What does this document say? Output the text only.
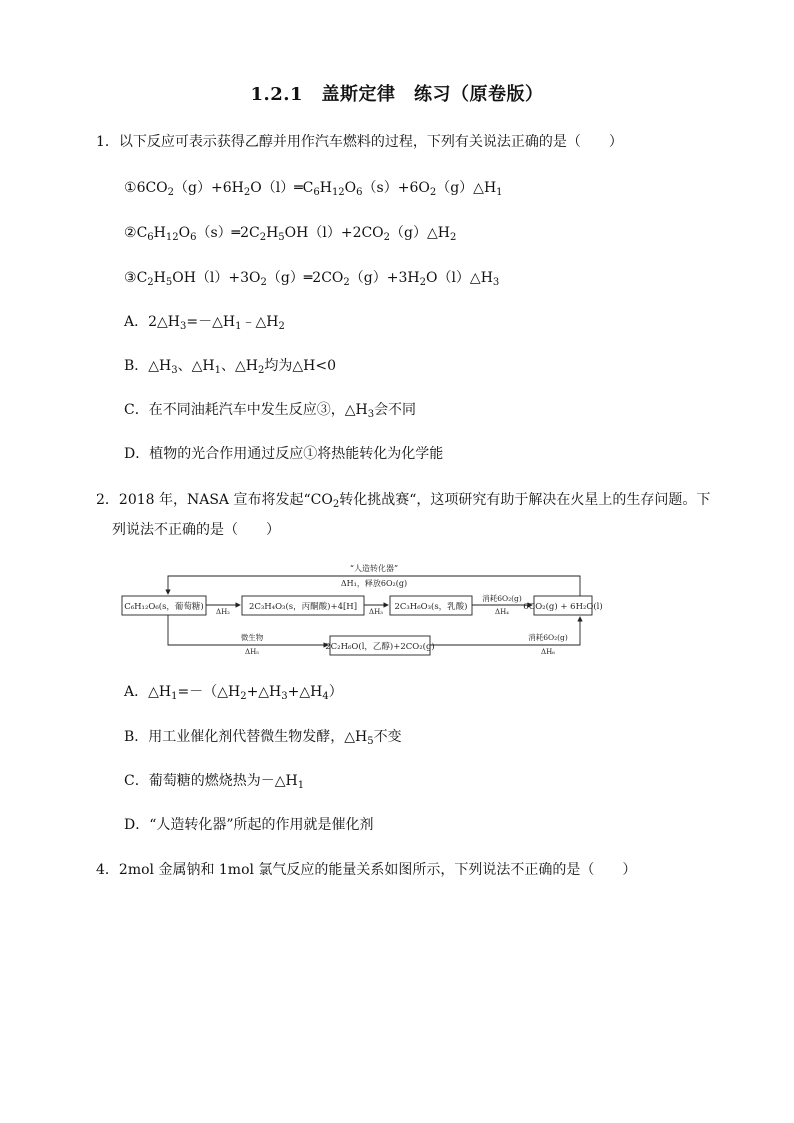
1.2.1　盖斯定律　练习（原卷版）
1．以下反应可表示获得乙醇并用作汽车燃料的过程，下列有关说法正确的是（　　）
$①6CO_2(g)+6H_2O(l)═C_6H_{12}O_6(s)+6O_2(g)\triangle H_1$
$②C_6H_{12}O_6(s)═2C_2H_5OH(l)+2CO_2(g)\triangle H_2$
$③C_2H_5OH(l)+3O_2(g)═2CO_2(g)+3H_2O(l)\triangle H_3$
A．$2\triangle H_3=-\triangle H_1﹣\triangle H_2$
B．$\triangle H_3$、$\triangle H_1$、$\triangle H_2$均为△H<0
C．在不同油耗汽车中发生反应③，$\triangle H_3$会不同
D．植物的光合作用通过反应①将热能转化为化学能
2．2018 年，NASA 宣布将发起“$CO_2$转化挑战赛“，这项研究有助于解决在火星上的生存问题。下
列说法不正确的是（　　）
“人造转化器”
ΔH₁，释放6O₂(g)
C₆H₁₂O₆(s，葡萄糖)	2C₃H₄O₃(s，丙酮酸)+4[H]	2C₃H₆O₃(s，乳酸)	6CO₂(g) + 6H₂O(l)
2C₂H₆O(l，乙醇)+2CO₂(g)
ΔH₂	ΔH₃
消耗6O₂(g)
ΔH₄
微生物
ΔH₅
消耗6O₂(g)
ΔH₆
A．$\triangle H_1=-(\triangle H_2+\triangle H_3+\triangle H_4)$
B．用工业催化剂代替微生物发酵，$\triangle H_5$不变
C．葡萄糖的燃烧热为$-\triangle H_1$
D．“人造转化器”所起的作用就是催化剂
4．2mol 金属钠和 1mol 氯气反应的能量关系如图所示，下列说法不正确的是（　　）
